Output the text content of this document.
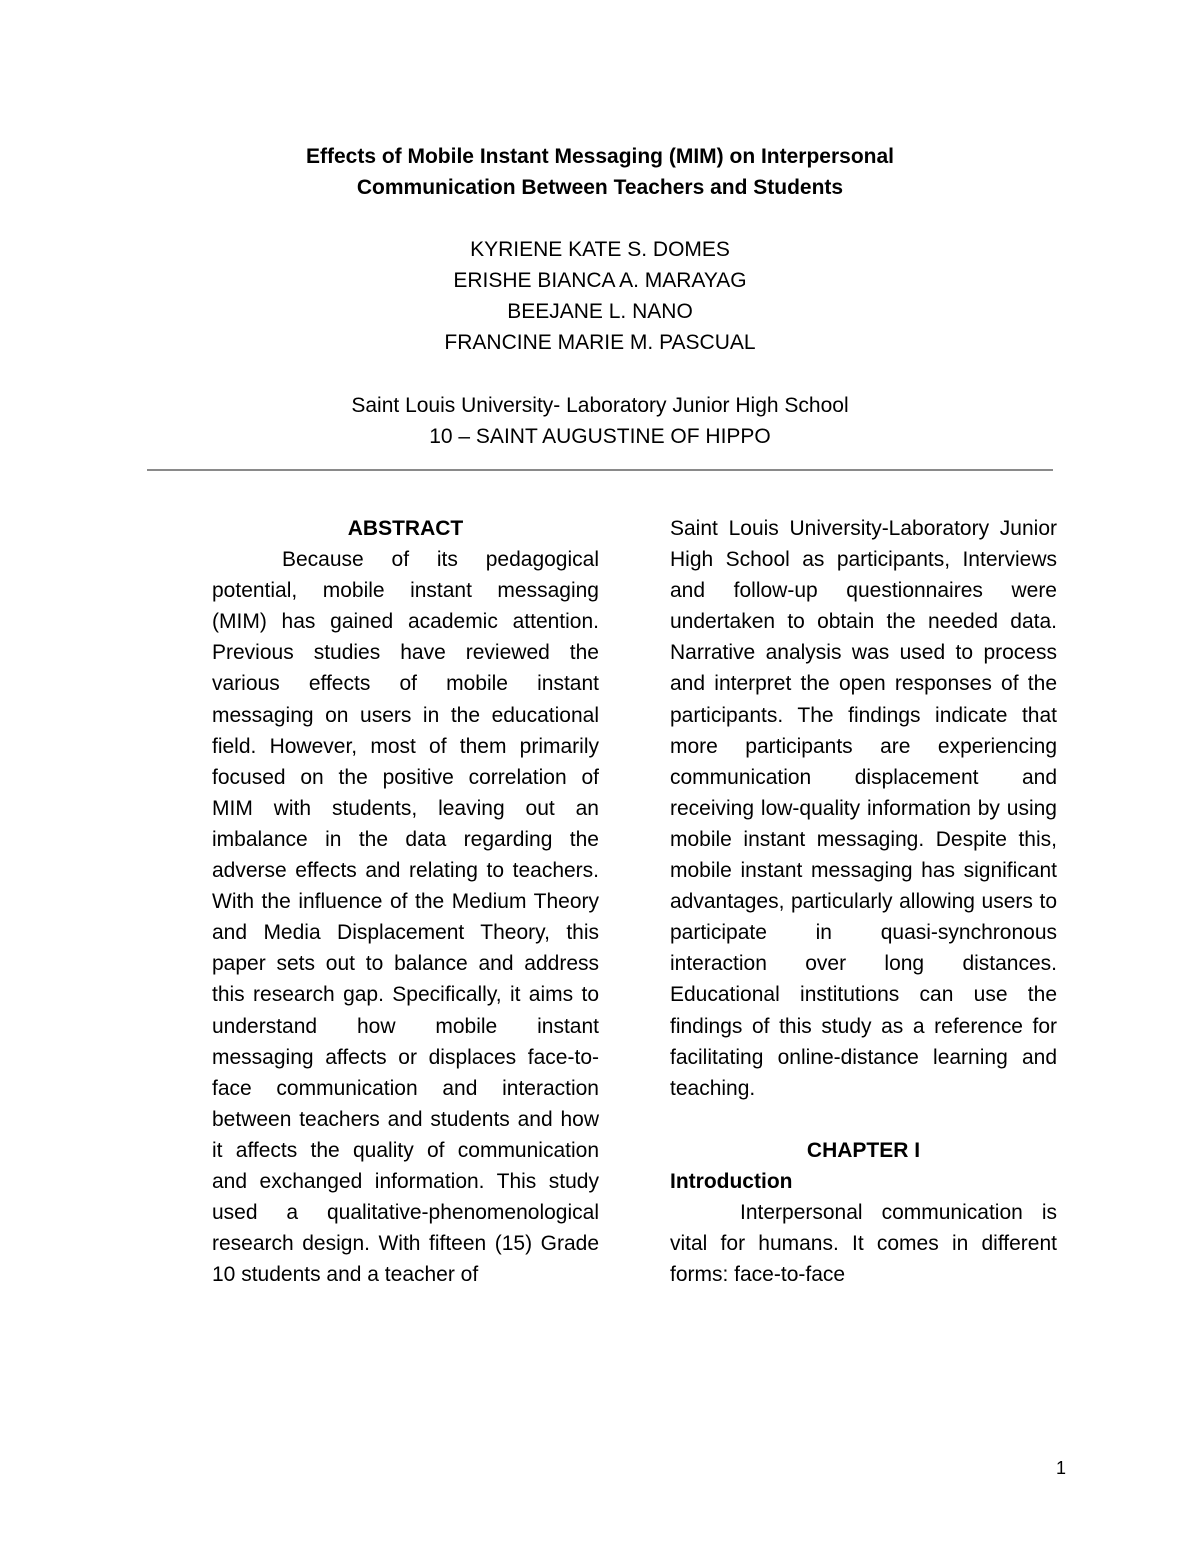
Effects of Mobile Instant Messaging (MIM) on Interpersonal
Communication Between Teachers and Students
KYRIENE KATE S. DOMES
ERISHE BIANCA A. MARAYAG
BEEJANE L. NANO
FRANCINE MARIE M. PASCUAL
Saint Louis University- Laboratory Junior High School
10 – SAINT AUGUSTINE OF HIPPO
ABSTRACT

Because of its pedagogical potential, mobile instant messaging (MIM) has gained academic attention. Previous studies have reviewed the various effects of mobile instant messaging on users in the educational field. However, most of them primarily focused on the positive correlation of MIM with students, leaving out an imbalance in the data regarding the adverse effects and relating to teachers. With the influence of the Medium Theory and Media Displacement Theory, this paper sets out to balance and address this research gap. Specifically, it aims to understand how mobile instant messaging affects or displaces face-to-face communication and interaction between teachers and students and how it affects the quality of communication and exchanged information. This study used a qualitative-phenomenological research design. With fifteen (15) Grade 10 students and a teacher of

Saint Louis University-Laboratory Junior High School as participants, Interviews and follow-up questionnaires were undertaken to obtain the needed data. Narrative analysis was used to process and interpret the open responses of the participants. The findings indicate that more participants are experiencing communication displacement and receiving low-quality information by using mobile instant messaging. Despite this, mobile instant messaging has significant advantages, particularly allowing users to participate in quasi-synchronous interaction over long distances. Educational institutions can use the findings of this study as a reference for facilitating online-distance learning and teaching.

CHAPTER I
Introduction

Interpersonal communication is vital for humans. It comes in different forms: face-to-face

1
